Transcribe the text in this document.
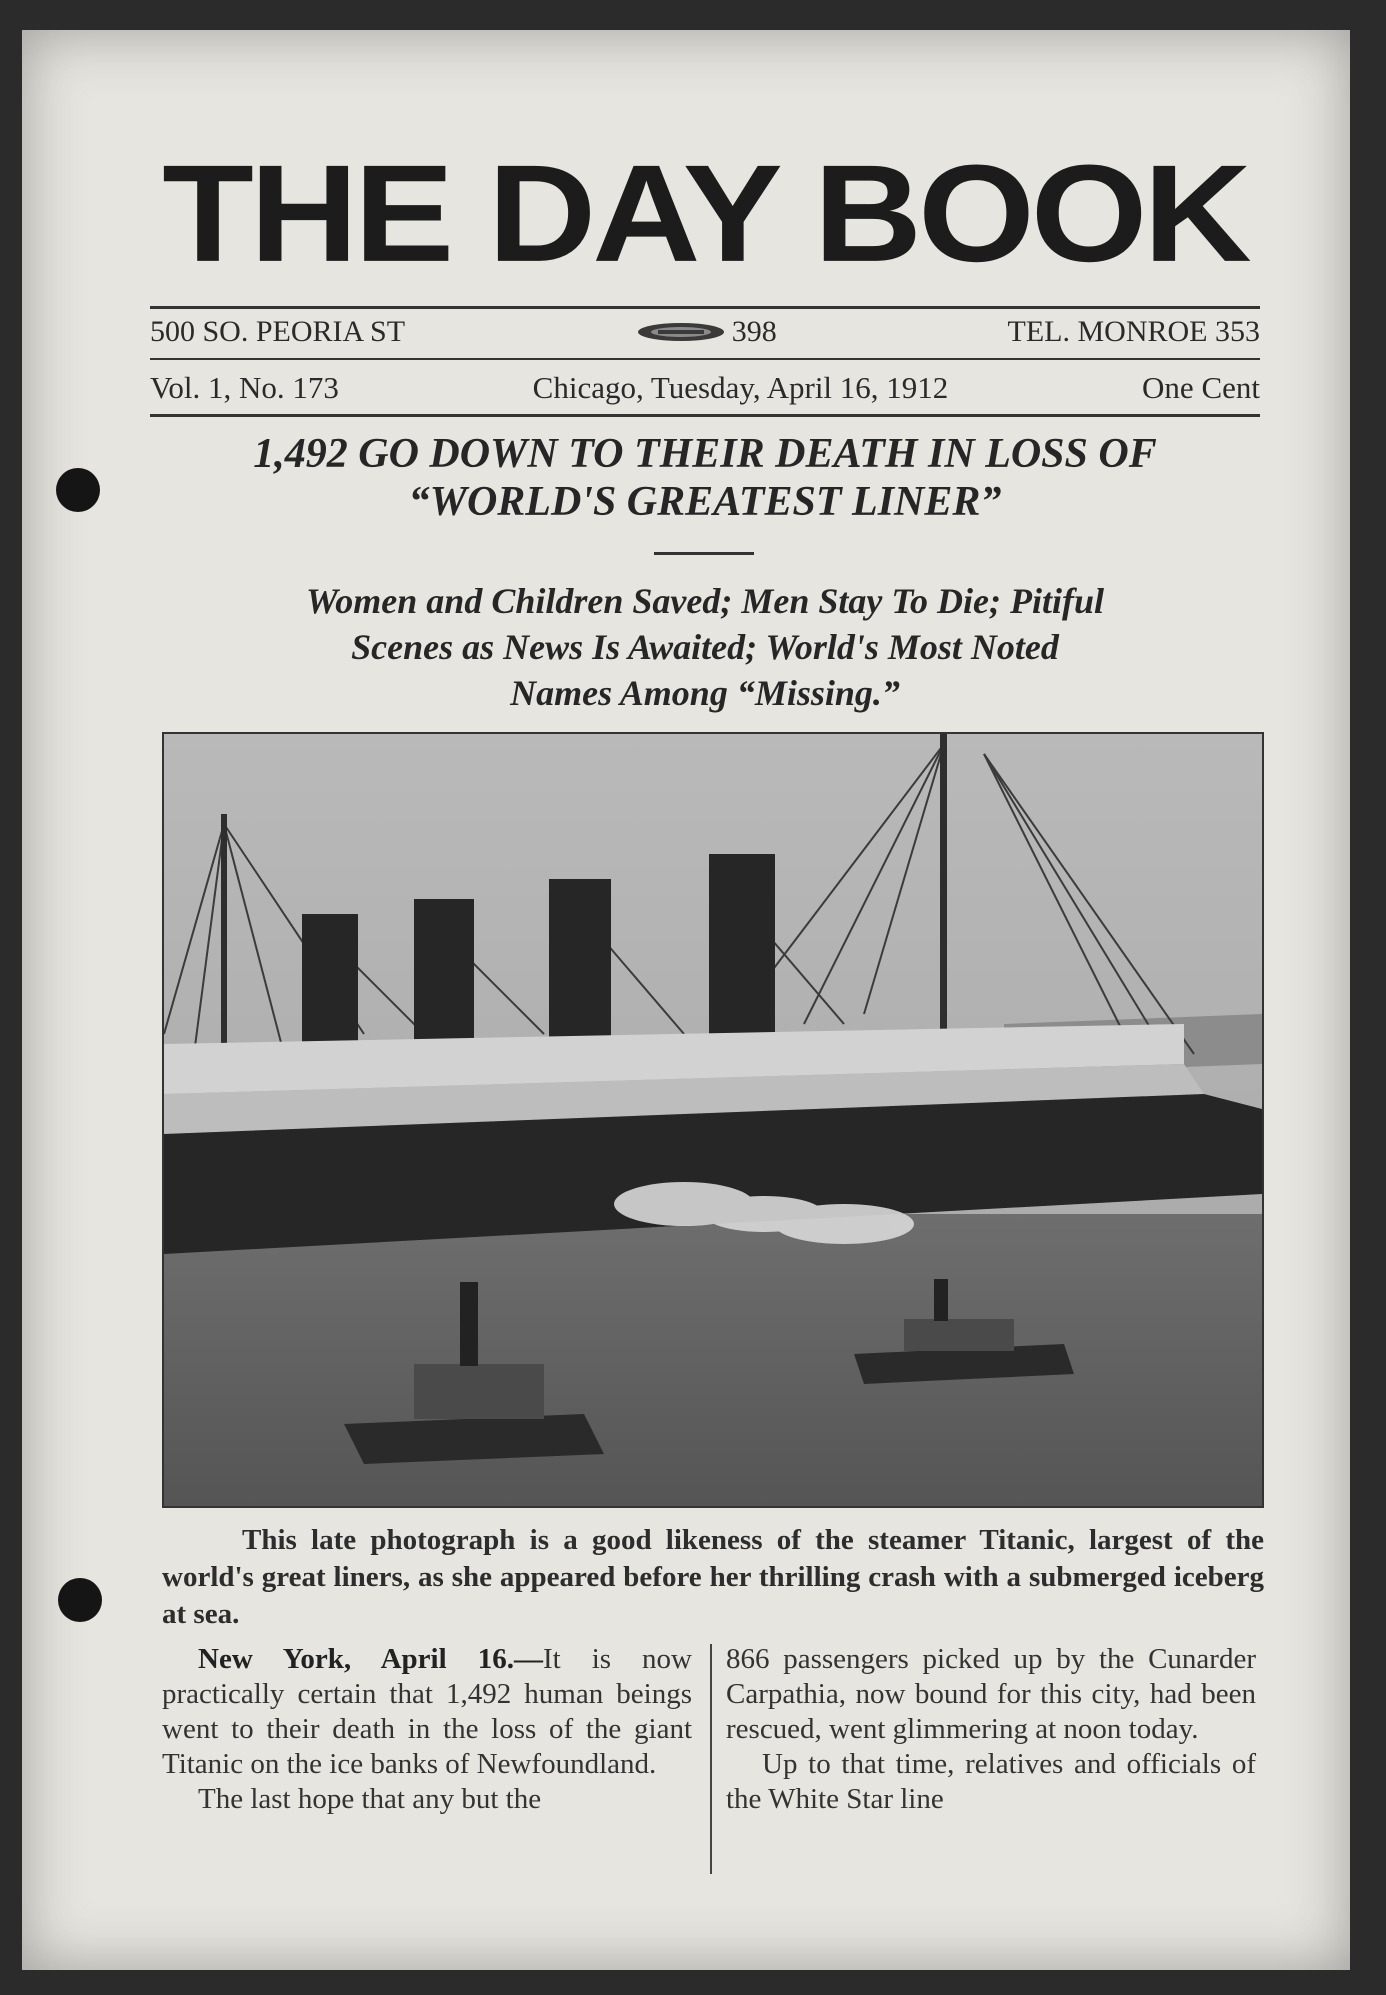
THE DAY BOOK
500 SO. PEORIA ST	398	TEL. MONROE 353
Vol. 1, No. 173	Chicago, Tuesday, April 16, 1912	One Cent
1,492 GO DOWN TO THEIR DEATH IN LOSS OF
“WORLD'S GREATEST LINER”
Women and Children Saved; Men Stay To Die; Pitiful
Scenes as News Is Awaited; World's Most Noted
Names Among “Missing.”
This late photograph is a good likeness of the steamer Titanic, largest of the world's great liners, as she appeared before her thrilling crash with a submerged iceberg at sea.

New York, April 16.—It is now practically certain that 1,492 human beings went to their death in the loss of the giant Titanic on the ice banks of Newfoundland.

The last hope that any but the

866 passengers picked up by the Cunarder Carpathia, now bound for this city, had been rescued, went glimmering at noon today.

Up to that time, relatives and officials of the White Star line
